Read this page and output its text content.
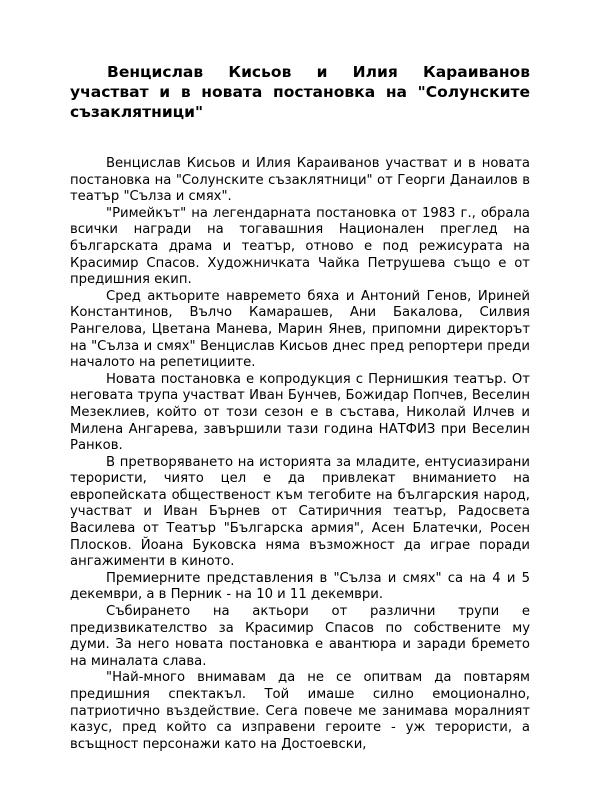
Венцислав Кисьов и Илия Караиванов участват и в новата постановка на "Солунските съзаклятници"

Венцислав Кисьов и Илия Караиванов участват и в новата постановка на "Солунските съзаклятници" от Георги Данаилов в театър "Сълза и смях".

"Римейкът" на легендарната постановка от 1983 г., обрала всички награди на тогавашния Национален преглед на българската драма и театър, отново е под режисурата на Красимир Спасов. Художничката Чайка Петрушева също е от предишния екип.

Сред актьорите навремето бяха и Антоний Генов, Ириней Константинов, Вълчо Камарашев, Ани Бакалова, Силвия Рангелова, Цветана Манева, Марин Янев, припомни директорът на "Сълза и смях" Венцислав Кисьов днес пред репортери преди началото на репетициите.

Новата постановка е копродукция с Пернишкия театър. От неговата трупа участват Иван Бунчев, Божидар Попчев, Веселин Мезеклиев, който от този сезон е в състава, Николай Илчев и Милена Ангарева, завършили тази година НАТФИЗ при Веселин Ранков.

В претворяването на историята за младите, ентусиазирани терористи, чиято цел е да привлекат вниманието на европейската общественост към тегобите на българския народ, участват и Иван Бърнев от Сатиричния театър, Радосвета Василева от Театър "Българска армия", Асен Блатечки, Росен Плосков. Йоана Буковска няма възможност да играе поради ангажименти в киното.

Премиерните представления в "Сълза и смях" са на 4 и 5 декември, а в Перник - на 10 и 11 декември.

Събирането на актьори от различни трупи е предизвикателство за Красимир Спасов по собствените му думи. За него новата постановка е авантюра и заради бремето на миналата слава.

"Най-много внимавам да не се опитвам да повтарям предишния спектакъл. Той имаше силно емоционално, патриотично въздействие. Сега повече ме занимава моралният казус, пред който са изправени героите - уж терористи, а всъщност персонажи като на Достоевски,
